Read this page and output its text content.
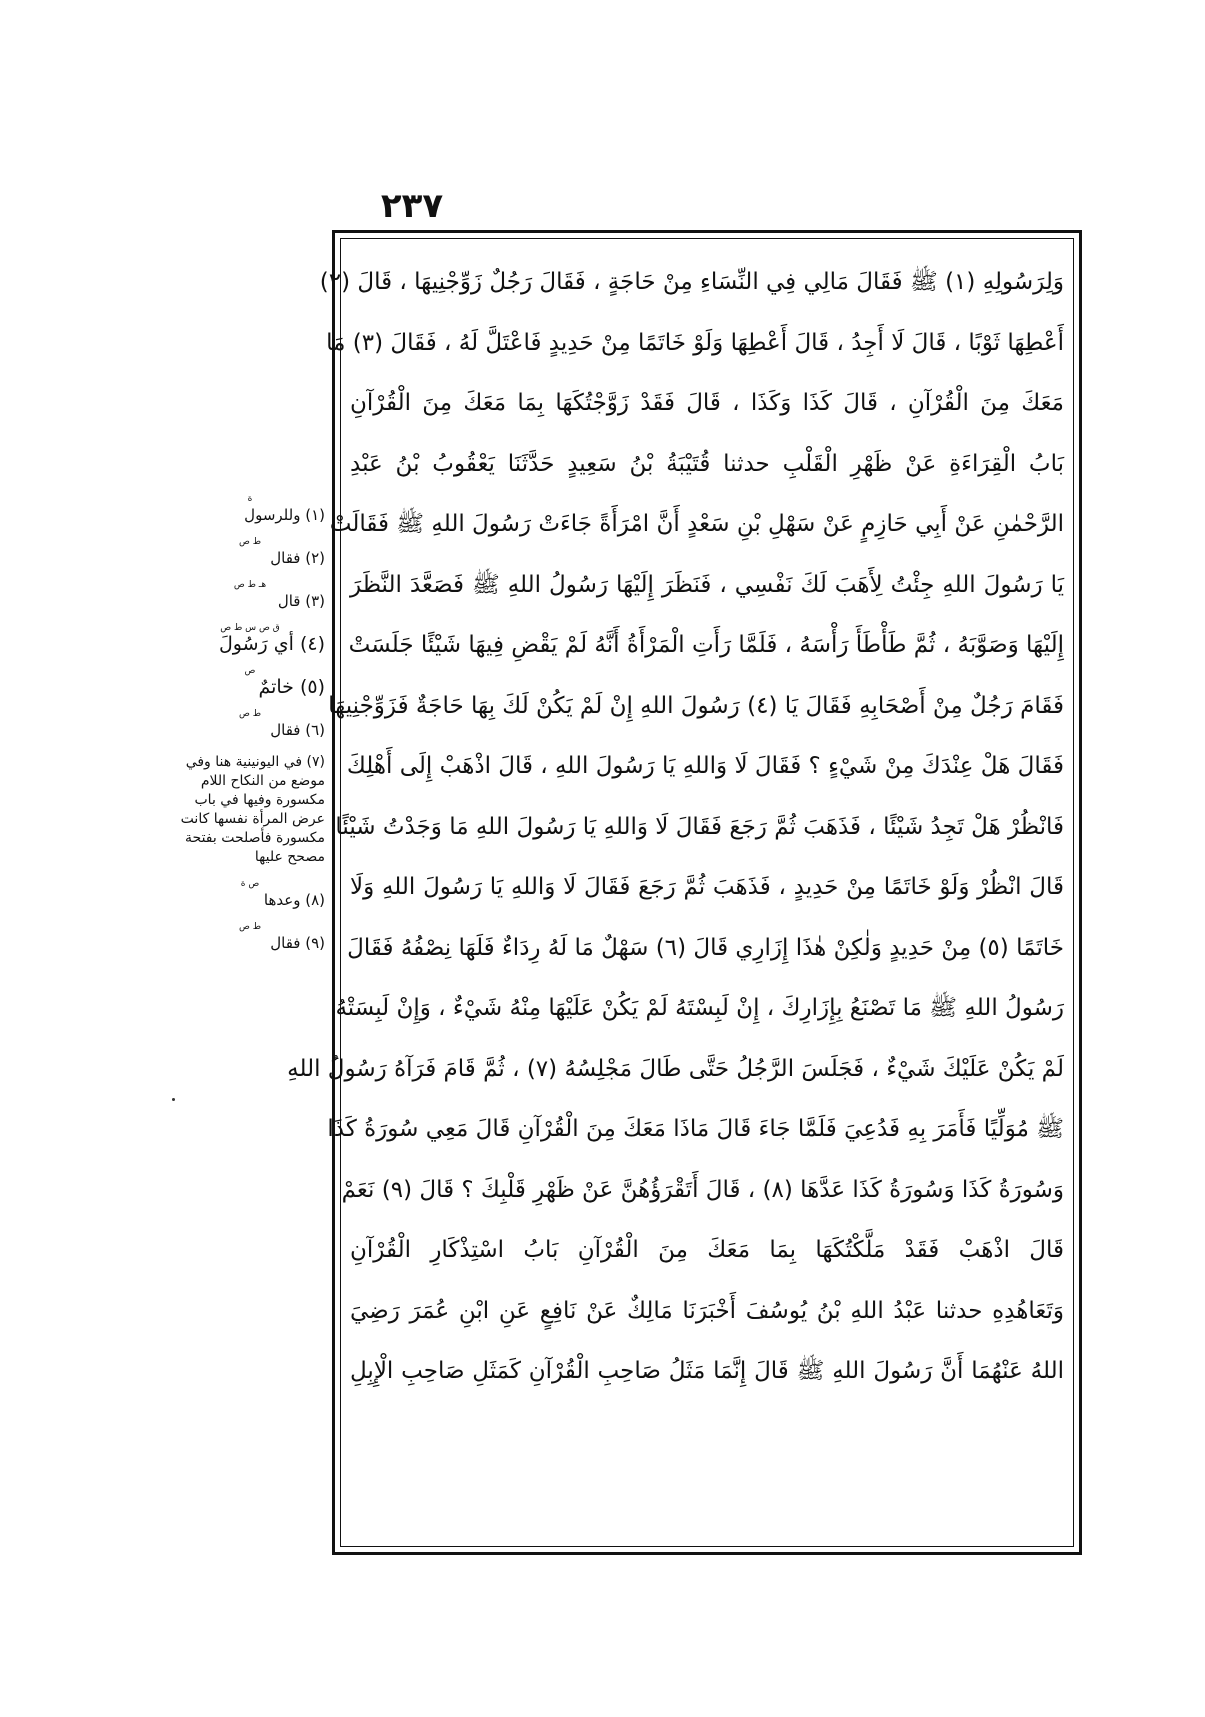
٢٣٧
وَلِرَسُولِهِ (١) ﷺ فَقَالَ مَالِي فِي النِّسَاءِ مِنْ حَاجَةٍ ، فَقَالَ رَجُلٌ زَوِّجْنِيهَا ، قَالَ (٢)
أَعْطِهَا ثَوْبًا ، قَالَ لَا أَجِدُ ، قَالَ أَعْطِهَا وَلَوْ خَاتَمًا مِنْ حَدِيدٍ فَاعْتَلَّ لَهُ ، فَقَالَ (٣) مَا
مَعَكَ مِنَ الْقُرْآنِ ، قَالَ كَذَا وَكَذَا ، قَالَ فَقَدْ زَوَّجْتُكَهَا بِمَا مَعَكَ مِنَ الْقُرْآنِ
بَابُ الْقِرَاءَةِ عَنْ ظَهْرِ الْقَلْبِ حدثنا قُتَيْبَةُ بْنُ سَعِيدٍ حَدَّثَنَا يَعْقُوبُ بْنُ عَبْدِ
الرَّحْمٰنِ عَنْ أَبِي حَازِمٍ عَنْ سَهْلِ بْنِ سَعْدٍ أَنَّ امْرَأَةً جَاءَتْ رَسُولَ اللهِ ﷺ فَقَالَتْ
يَا رَسُولَ اللهِ جِئْتُ لِأَهَبَ لَكَ نَفْسِي ، فَنَظَرَ إِلَيْهَا رَسُولُ اللهِ ﷺ فَصَعَّدَ النَّظَرَ
إِلَيْهَا وَصَوَّبَهُ ، ثُمَّ طَأْطَأَ رَأْسَهُ ، فَلَمَّا رَأَتِ الْمَرْأَةُ أَنَّهُ لَمْ يَقْضِ فِيهَا شَيْئًا جَلَسَتْ
فَقَامَ رَجُلٌ مِنْ أَصْحَابِهِ فَقَالَ يَا (٤) رَسُولَ اللهِ إِنْ لَمْ يَكُنْ لَكَ بِهَا حَاجَةٌ فَزَوِّجْنِيهَا
فَقَالَ هَلْ عِنْدَكَ مِنْ شَيْءٍ ؟ فَقَالَ لَا وَاللهِ يَا رَسُولَ اللهِ ، قَالَ اذْهَبْ إِلَى أَهْلِكَ
فَانْظُرْ هَلْ تَجِدُ شَيْئًا ، فَذَهَبَ ثُمَّ رَجَعَ فَقَالَ لَا وَاللهِ يَا رَسُولَ اللهِ مَا وَجَدْتُ شَيْئًا
قَالَ انْظُرْ وَلَوْ خَاتَمًا مِنْ حَدِيدٍ ، فَذَهَبَ ثُمَّ رَجَعَ فَقَالَ لَا وَاللهِ يَا رَسُولَ اللهِ وَلَا
خَاتَمًا (٥) مِنْ حَدِيدٍ وَلٰكِنْ هٰذَا إِزَارِي قَالَ (٦) سَهْلٌ مَا لَهُ رِدَاءٌ فَلَهَا نِصْفُهُ فَقَالَ
رَسُولُ اللهِ ﷺ مَا تَصْنَعُ بِإِزَارِكَ ، إِنْ لَبِسْتَهُ لَمْ يَكُنْ عَلَيْهَا مِنْهُ شَيْءٌ ، وَإِنْ لَبِسَتْهُ
لَمْ يَكُنْ عَلَيْكَ شَيْءٌ ، فَجَلَسَ الرَّجُلُ حَتَّى طَالَ مَجْلِسُهُ (٧) ، ثُمَّ قَامَ فَرَآهُ رَسُولُ اللهِ
ﷺ مُوَلِّيًا فَأَمَرَ بِهِ فَدُعِيَ فَلَمَّا جَاءَ قَالَ مَاذَا مَعَكَ مِنَ الْقُرْآنِ قَالَ مَعِي سُورَةُ كَذَا
وَسُورَةُ كَذَا وَسُورَةُ كَذَا عَدَّهَا (٨) ، قَالَ أَتَقْرَؤُهُنَّ عَنْ ظَهْرِ قَلْبِكَ ؟ قَالَ (٩) نَعَمْ
قَالَ اذْهَبْ فَقَدْ مَلَّكْتُكَهَا بِمَا مَعَكَ مِنَ الْقُرْآنِ بَابُ اسْتِذْكَارِ الْقُرْآنِ
وَتَعَاهُدِهِ حدثنا عَبْدُ اللهِ بْنُ يُوسُفَ أَخْبَرَنَا مَالِكٌ عَنْ نَافِعٍ عَنِ ابْنِ عُمَرَ رَضِيَ
اللهُ عَنْهُمَا أَنَّ رَسُولَ اللهِ ﷺ قَالَ إِنَّمَا مَثَلُ صَاحِبِ الْقُرْآنِ كَمَثَلِ صَاحِبِ الْإِبِلِ
ة
(١) وللرسول
ط ص
(٢) فقال
هـ ط ص
(٣) قال
ق ص س ط ص
(٤) أي رَسُولَ
ص
(٥) خاتمٌ
ط ص
(٦) فقال
(٧) في اليونينية هنا وفي موضع من النكاح اللام مكسورة وفيها في باب عرض المرأة نفسها كانت مكسورة فأصلحت بفتحة مصحح عليها
ص ة
(٨) وعدها
ط ص
(٩) فقال
